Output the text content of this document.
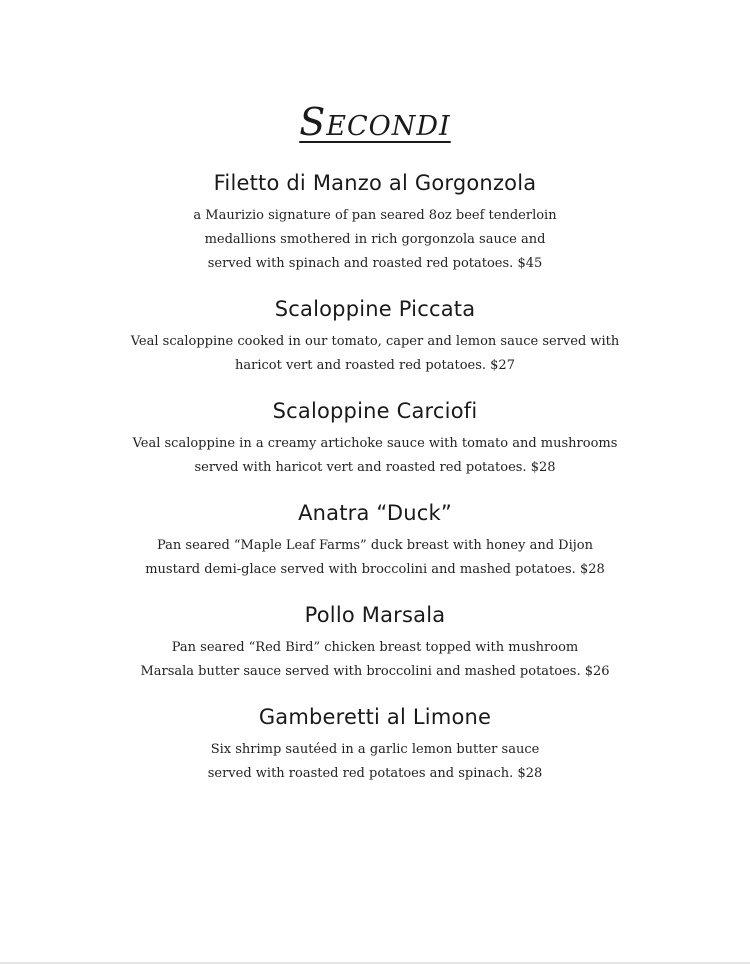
Secondi
Filetto di Manzo al Gorgonzola
a Maurizio signature of pan seared 8oz beef tenderloin
medallions smothered in rich gorgonzola sauce and
served with spinach and roasted red potatoes. $45
Scaloppine Piccata
Veal scaloppine cooked in our tomato, caper and lemon sauce served with
haricot vert and roasted red potatoes. $27
Scaloppine Carciofi
Veal scaloppine in a creamy artichoke sauce with tomato and mushrooms
served with haricot vert and roasted red potatoes. $28
Anatra “Duck”
Pan seared “Maple Leaf Farms” duck breast with honey and Dijon
mustard demi-glace served with broccolini and mashed potatoes. $28
Pollo Marsala
Pan seared “Red Bird” chicken breast topped with mushroom
Marsala butter sauce served with broccolini and mashed potatoes. $26
Gamberetti al Limone
Six shrimp sautéed in a garlic lemon butter sauce
served with roasted red potatoes and spinach. $28
